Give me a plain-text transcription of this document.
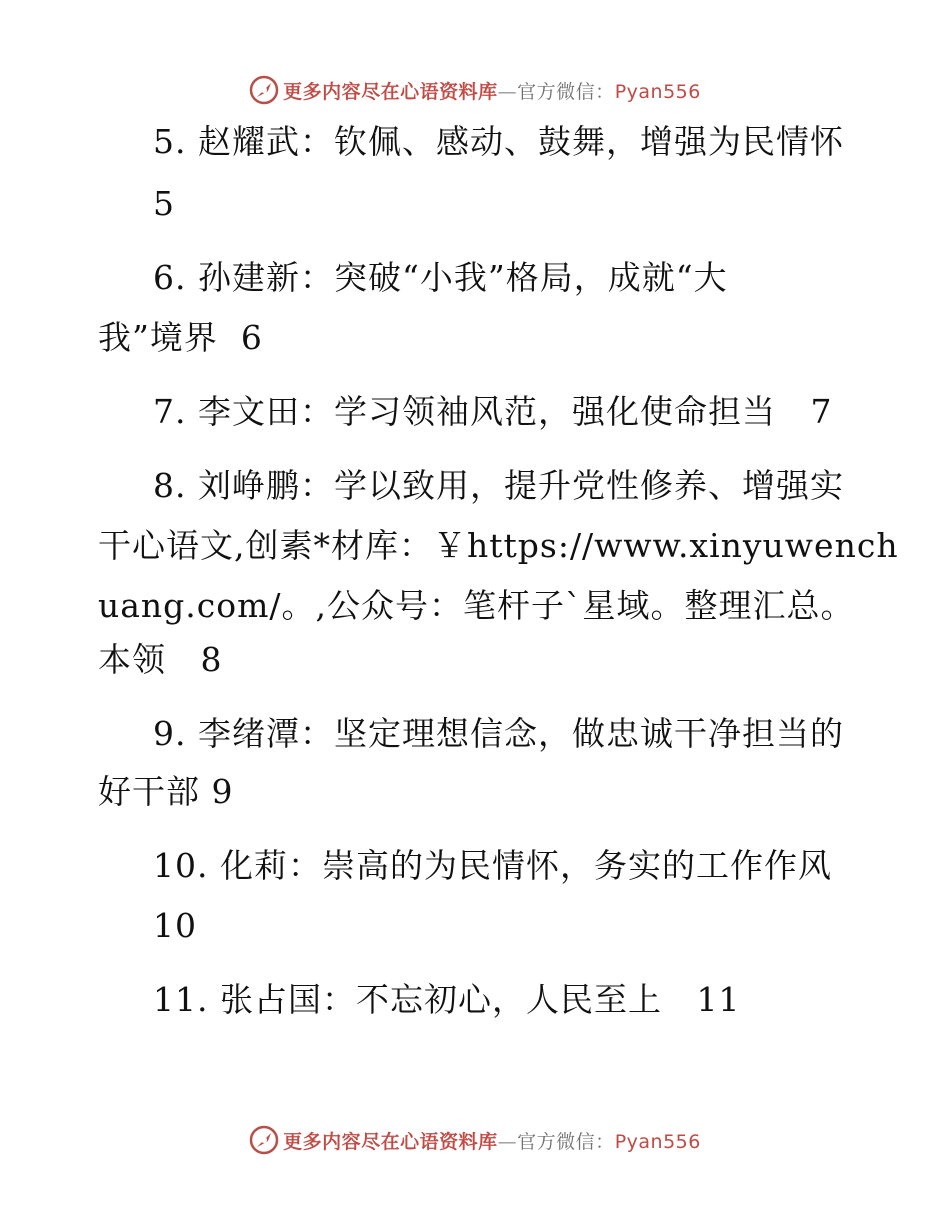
更多内容尽在心语资料库—官方微信：Pyan556
5. 赵耀武：钦佩、感动、鼓舞，增强为民情怀
5
6. 孙建新：突破“小我”格局，成就“大
我”境界  6
7. 李文田：学习领袖风范，强化使命担当   7
8. 刘峥鹏：学以致用，提升党性修养、增强实
干心语文,创素*材库：￥https://www.xinyuwench
uang.com/。,公众号：笔杆子`星域。整理汇总。
本领   8
9. 李绪潭：坚定理想信念，做忠诚干净担当的
好干部 9
10. 化莉：崇高的为民情怀，务实的工作作风
10
11. 张占国：不忘初心，人民至上   11
更多内容尽在心语资料库—官方微信：Pyan556
